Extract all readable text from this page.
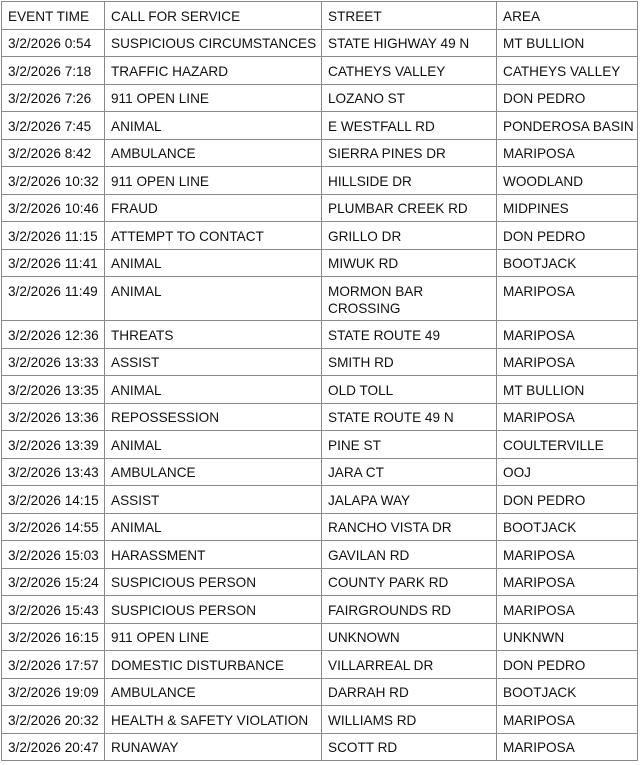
EVENT TIME	CALL FOR SERVICE	STREET	AREA
3/2/2026 0:54	SUSPICIOUS CIRCUMSTANCES	STATE HIGHWAY 49 N	MT BULLION
3/2/2026 7:18	TRAFFIC HAZARD	CATHEYS VALLEY	CATHEYS VALLEY
3/2/2026 7:26	911 OPEN LINE	LOZANO ST	DON PEDRO
3/2/2026 7:45	ANIMAL	E WESTFALL RD	PONDEROSA BASIN
3/2/2026 8:42	AMBULANCE	SIERRA PINES DR	MARIPOSA
3/2/2026 10:32	911 OPEN LINE	HILLSIDE DR	WOODLAND
3/2/2026 10:46	FRAUD	PLUMBAR CREEK RD	MIDPINES
3/2/2026 11:15	ATTEMPT TO CONTACT	GRILLO DR	DON PEDRO
3/2/2026 11:41	ANIMAL	MIWUK RD	BOOTJACK
3/2/2026 11:49	ANIMAL	MORMON BAR CROSSING	MARIPOSA
3/2/2026 12:36	THREATS	STATE ROUTE 49	MARIPOSA
3/2/2026 13:33	ASSIST	SMITH RD	MARIPOSA
3/2/2026 13:35	ANIMAL	OLD TOLL	MT BULLION
3/2/2026 13:36	REPOSSESSION	STATE ROUTE 49 N	MARIPOSA
3/2/2026 13:39	ANIMAL	PINE ST	COULTERVILLE
3/2/2026 13:43	AMBULANCE	JARA CT	OOJ
3/2/2026 14:15	ASSIST	JALAPA WAY	DON PEDRO
3/2/2026 14:55	ANIMAL	RANCHO VISTA DR	BOOTJACK
3/2/2026 15:03	HARASSMENT	GAVILAN RD	MARIPOSA
3/2/2026 15:24	SUSPICIOUS PERSON	COUNTY PARK RD	MARIPOSA
3/2/2026 15:43	SUSPICIOUS PERSON	FAIRGROUNDS RD	MARIPOSA
3/2/2026 16:15	911 OPEN LINE	UNKNOWN	UNKNWN
3/2/2026 17:57	DOMESTIC DISTURBANCE	VILLARREAL DR	DON PEDRO
3/2/2026 19:09	AMBULANCE	DARRAH RD	BOOTJACK
3/2/2026 20:32	HEALTH & SAFETY VIOLATION	WILLIAMS RD	MARIPOSA
3/2/2026 20:47	RUNAWAY	SCOTT RD	MARIPOSA
